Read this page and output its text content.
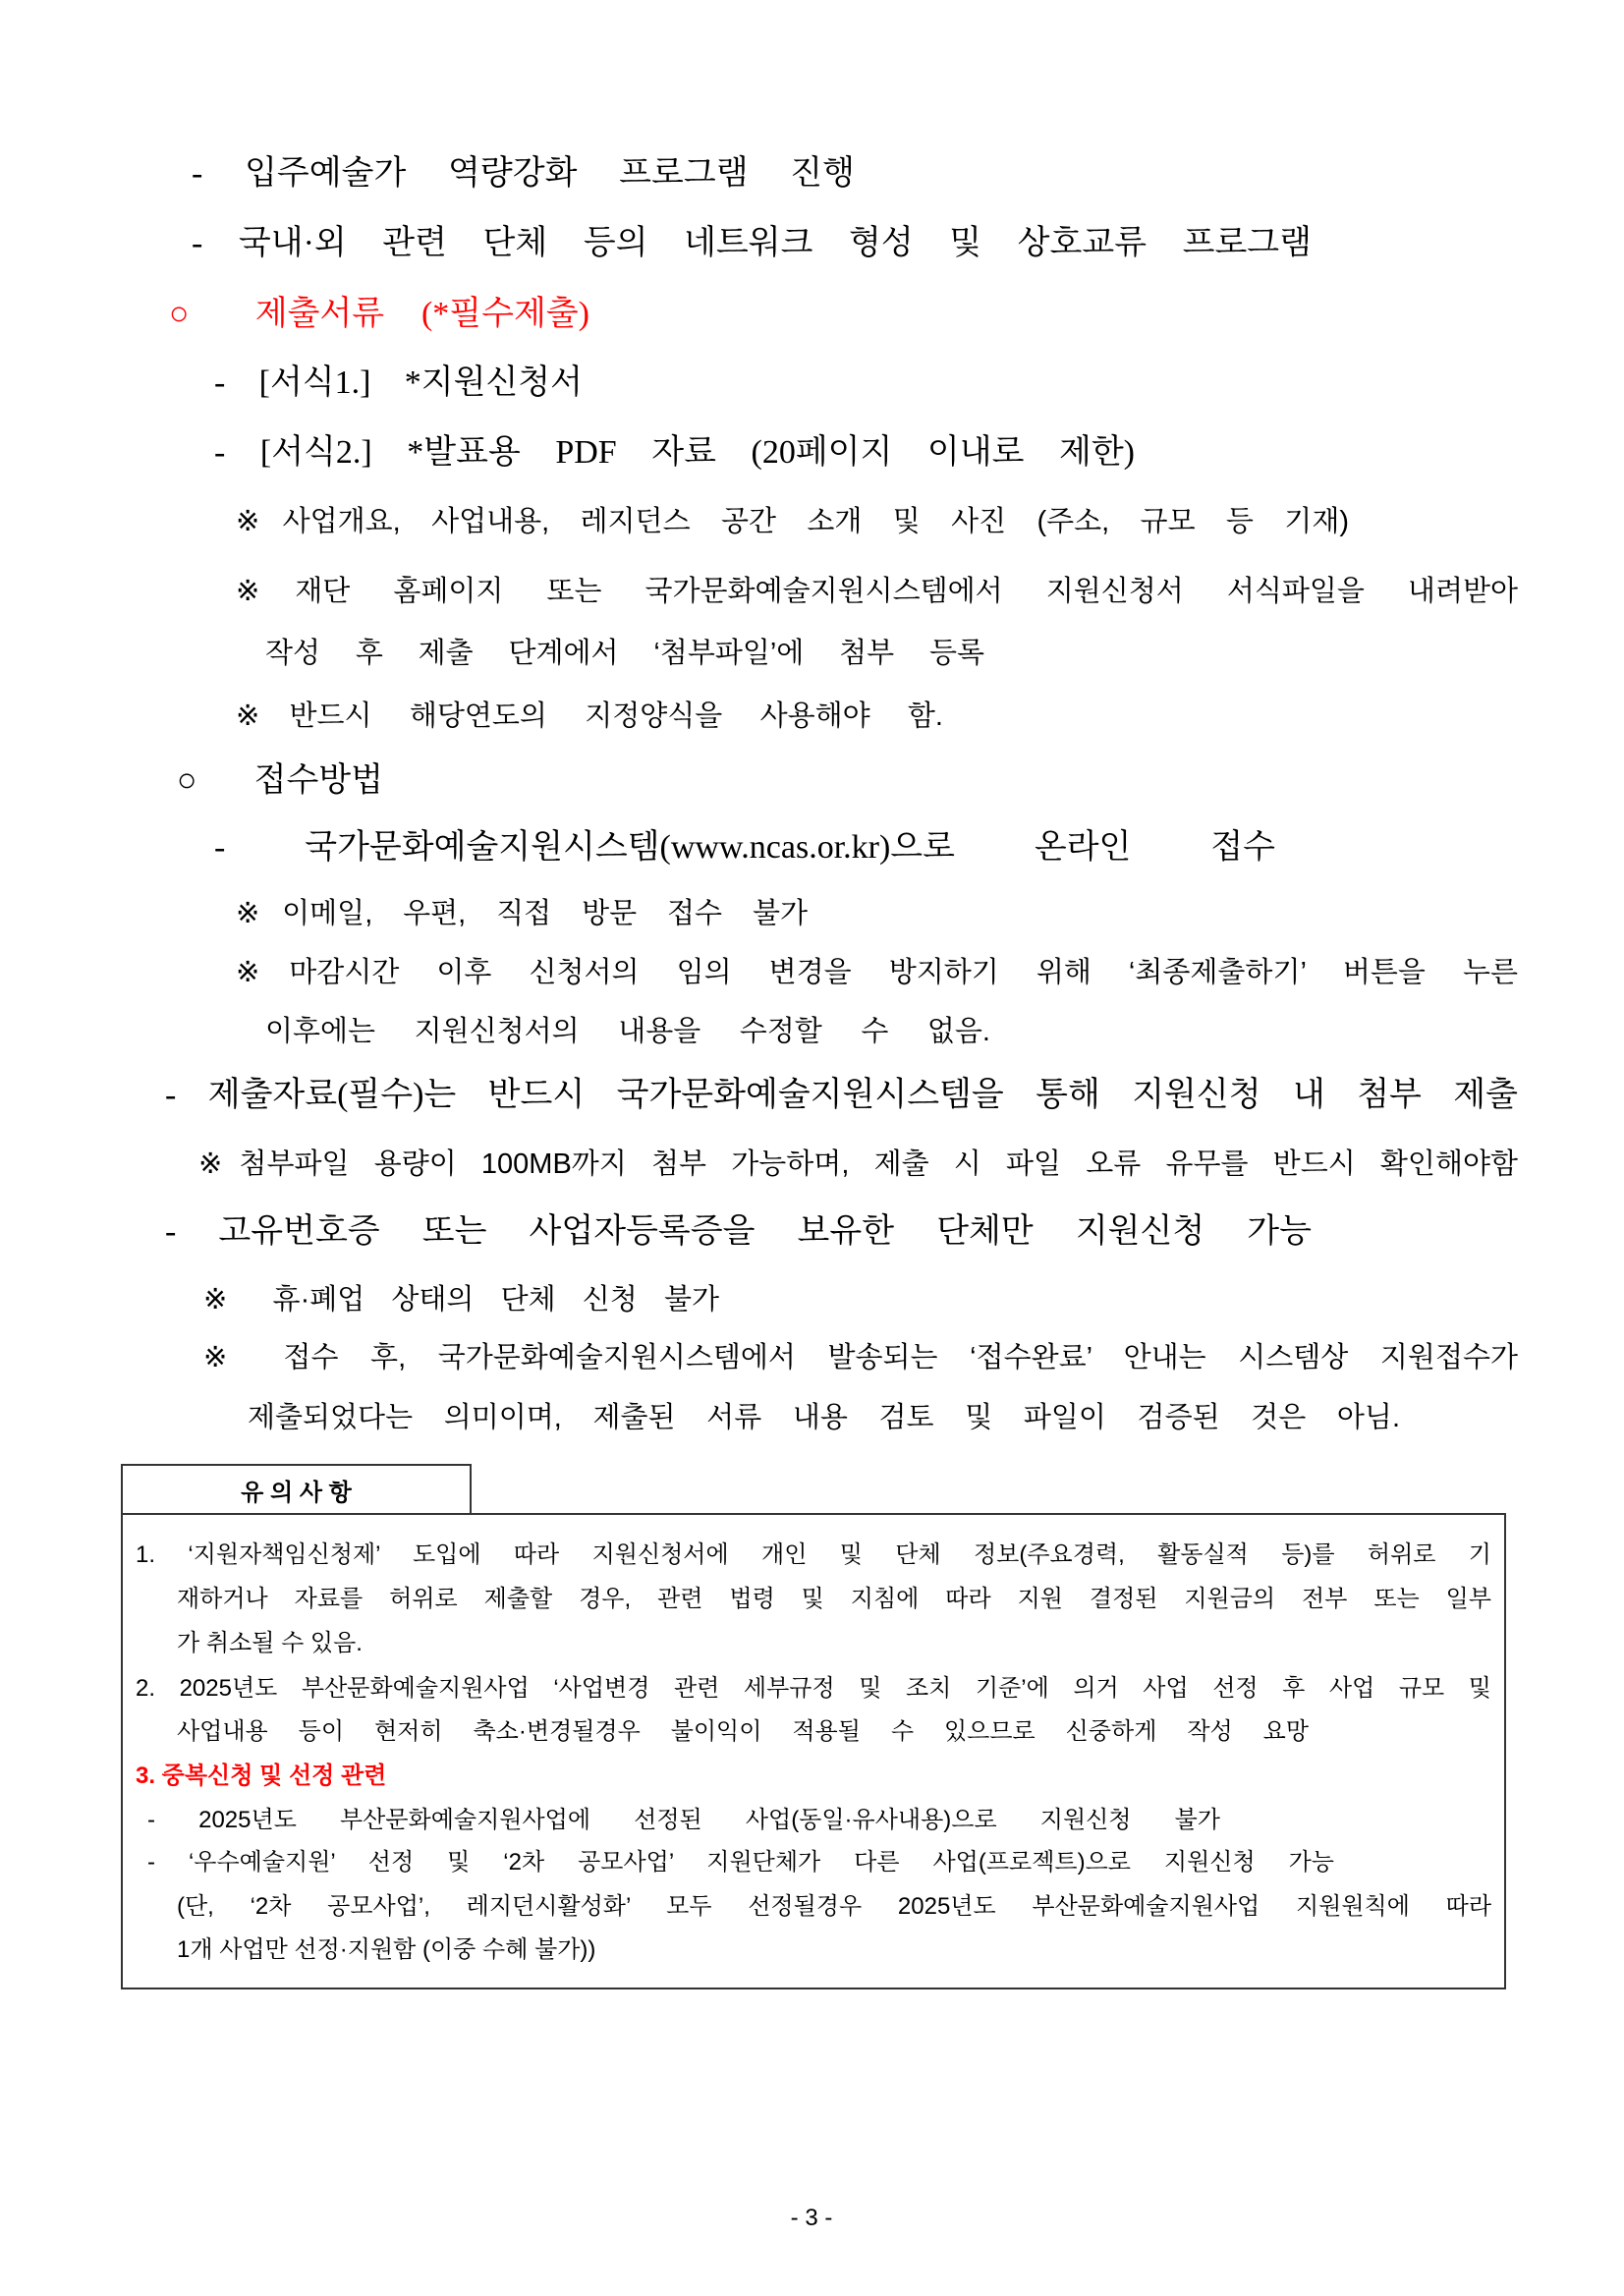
- 입주예술가 역량강화 프로그램 진행
- 국내·외 관련 단체 등의 네트워크 형성 및 상호교류 프로그램
○ 제출서류 (*필수제출)
- [서식1.] *지원신청서
- [서식2.] *발표용 PDF 자료 (20페이지 이내로 제한)
※사업개요, 사업내용, 레지던스 공간 소개 및 사진 (주소, 규모 등 기재)
※재단 홈페이지 또는 국가문화예술지원시스템에서 지원신청서 서식파일을 내려받아
작성 후 제출 단계에서 ‘첨부파일’에 첨부 등록
※반드시 해당연도의 지정양식을 사용해야 함.
○ 접수방법
- 국가문화예술지원시스템(www.ncas.or.kr)으로 온라인 접수
※이메일, 우편, 직접 방문 접수 불가
※마감시간 이후 신청서의 임의 변경을 방지하기 위해 ‘최종제출하기’ 버튼을 누른
이후에는 지원신청서의 내용을 수정할 수 없음.
- 제출자료(필수)는 반드시 국가문화예술지원시스템을 통해 지원신청 내 첨부 제출
※첨부파일 용량이 100MB까지 첨부 가능하며, 제출 시 파일 오류 유무를 반드시 확인해야함
- 고유번호증 또는 사업자등록증을 보유한 단체만 지원신청 가능
※ 휴·폐업 상태의 단체 신청 불가
※ 접수 후, 국가문화예술지원시스템에서 발송되는 ‘접수완료’ 안내는 시스템상 지원접수가
제출되었다는 의미이며, 제출된 서류 내용 검토 및 파일이 검증된 것은 아님.
유 의 사 항
1. ‘지원자책임신청제’ 도입에 따라 지원신청서에 개인 및 단체 정보(주요경력, 활동실적 등)를 허위로 기
재하거나 자료를 허위로 제출할 경우, 관련 법령 및 지침에 따라 지원 결정된 지원금의 전부 또는 일부
가 취소될 수 있음.
2. 2025년도 부산문화예술지원사업 ‘사업변경 관련 세부규정 및 조치 기준’에 의거 사업 선정 후 사업 규모 및
사업내용 등이 현저히 축소·변경될경우 불이익이 적용될 수 있으므로 신중하게 작성 요망
3. 중복신청 및 선정 관련
- 2025년도 부산문화예술지원사업에 선정된 사업(동일·유사내용)으로 지원신청 불가
- ‘우수예술지원’ 선정 및 ‘2차 공모사업’ 지원단체가 다른 사업(프로젝트)으로 지원신청 가능
(단, ‘2차 공모사업’, 레지던시활성화’ 모두 선정될경우 2025년도 부산문화예술지원사업 지원원칙에 따라
1개 사업만 선정·지원함 (이중 수혜 불가))
- 3 -
